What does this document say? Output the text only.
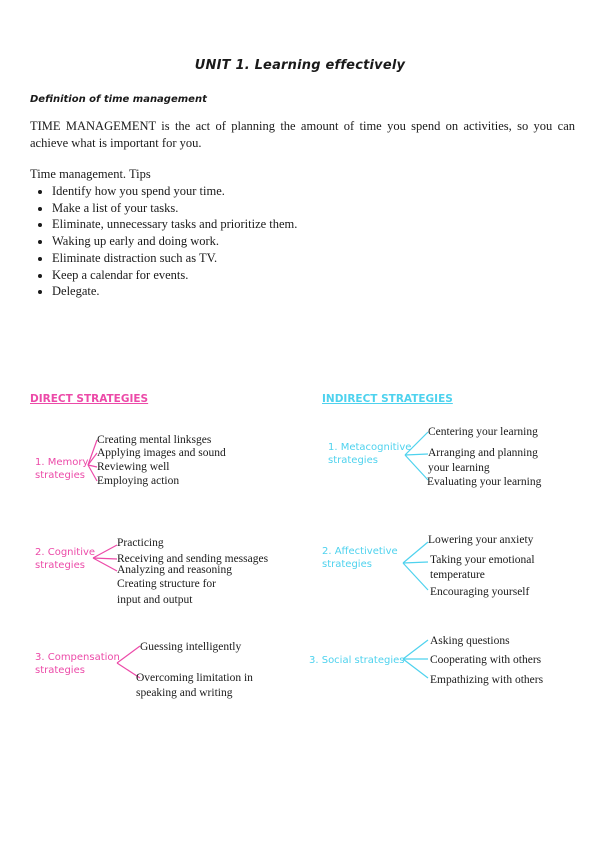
UNIT 1. Learning effectively
Definition of time management
TIME MANAGEMENT is the act of planning the amount of time you spend on activities, so you can achieve what is important for you.
Time management. Tips
• Identify how you spend your time.
• Make a list of your tasks.
• Eliminate, unnecessary tasks and prioritize them.
• Waking up early and doing work.
• Eliminate distraction such as TV.
• Keep a calendar for events.
• Delegate.
DIRECT STRATEGIES	INDIRECT STRATEGIES
1. Memory
strategies
Creating mental linksges
Applying images and sound
Reviewing well
Employing action
2. Cognitive
strategies
Practicing
Receiving and sending messages
Analyzing and reasoning
Creating structure for
input and output
3. Compensation
strategies
Guessing intelligently
Overcoming limitation in
speaking and writing
1. Metacognitive
strategies
Centering your learning
Arranging and planning
your learning
Evaluating your learning
2. Affectivetive
strategies
Lowering your anxiety
Taking your emotional
temperature
Encouraging yourself
3. Social strategies
Asking questions
Cooperating with others
Empathizing with others
